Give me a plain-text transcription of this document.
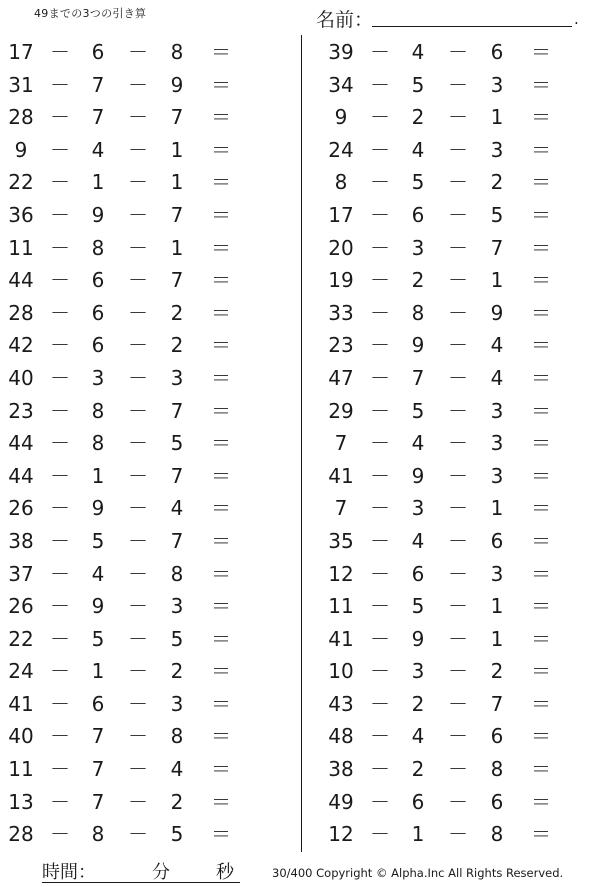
49までの3つの引き算	名前：	.
17 － 6 － 8 ＝
31 － 7 － 9 ＝
28 － 7 － 7 ＝
9	－ 4 － 1 ＝
22 － 1 － 1 ＝
36 － 9 － 7 ＝
11 － 8 － 1 ＝
44 － 6 － 7 ＝
28 － 6 － 2 ＝
42 － 6 － 2 ＝
40 － 3 － 3 ＝
23 － 8 － 7 ＝
44 － 8 － 5 ＝
44 － 1 － 7 ＝
26 － 9 － 4 ＝
38 － 5 － 7 ＝
37 － 4 － 8 ＝
26 － 9 － 3 ＝
22 － 5 － 5 ＝
24 － 1 － 2 ＝
41 － 6 － 3 ＝
40 － 7 － 8 ＝
11 － 7 － 4 ＝
13 － 7 － 2 ＝
28 － 8 － 5 ＝
39 － 4 － 6 ＝
34 － 5 － 3 ＝
9	－ 2 － 1 ＝
24 － 4 － 3 ＝
8	－ 5 － 2 ＝
17 － 6 － 5 ＝
20 － 3 － 7 ＝
19 － 2 － 1 ＝
33 － 8 － 9 ＝
23 － 9 － 4 ＝
47 － 7 － 4 ＝
29 － 5 － 3 ＝
7	－ 4 － 3 ＝
41 － 9 － 3 ＝
7	－ 3 － 1 ＝
35 － 4 － 6 ＝
12 － 6 － 3 ＝
11 － 5 － 1 ＝
41 － 9 － 1 ＝
10 － 3 － 2 ＝
43 － 2 － 7 ＝
48 － 4 － 6 ＝
38 － 2 － 8 ＝
49 － 6 － 6 ＝
12 － 1 － 8 ＝
時間：	分	秒	30/400 Copyright © Alpha.Inc All Rights Reserved.
